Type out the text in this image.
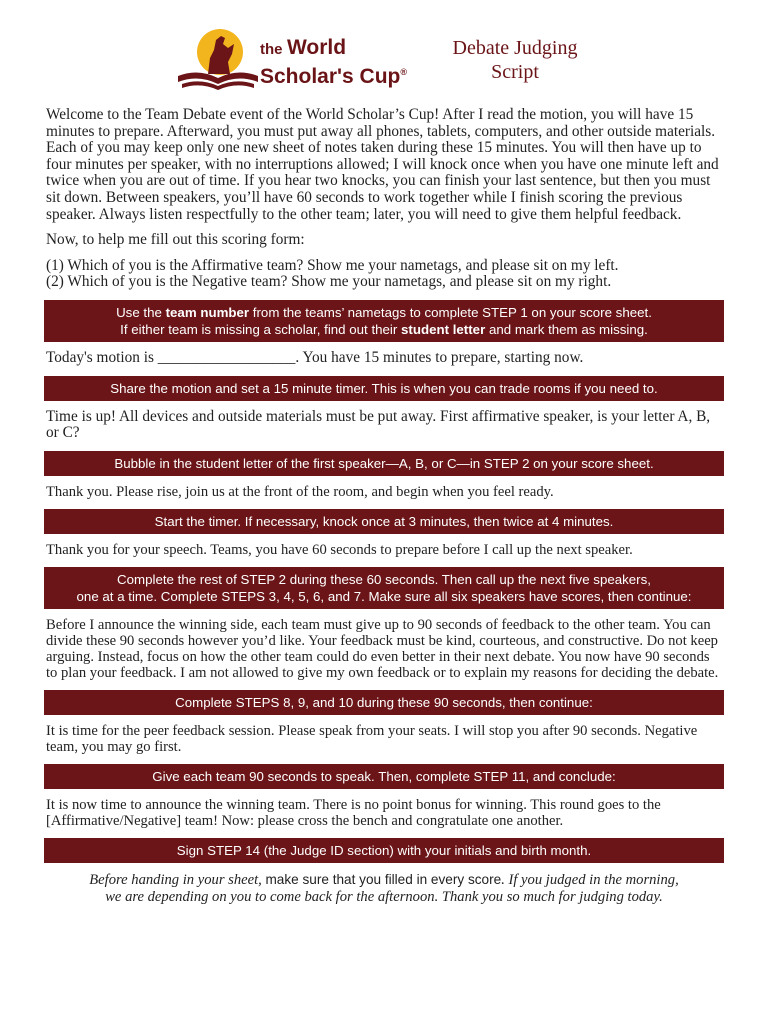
the World
Scholar's Cup®
Debate Judging
Script

Welcome to the Team Debate event of the World Scholar’s Cup! After I read the motion, you will have 15 minutes to prepare. Afterward, you must put away all phones, tablets, computers, and other outside materials. Each of you may keep only one new sheet of notes taken during these 15 minutes. You will then have up to four minutes per speaker, with no interruptions allowed; I will knock once when you have one minute left and twice when you are out of time. If you hear two knocks, you can finish your last sentence, but then you must sit down. Between speakers, you’ll have 60 seconds to work together while I finish scoring the previous speaker. Always listen respectfully to the other team; later, you will need to give them helpful feedback.

Now, to help me fill out this scoring form:

(1) Which of you is the Affirmative team? Show me your nametags, and please sit on my left.

(2) Which of you is the Negative team? Show me your nametags, and please sit on my right.

Use the team number from the teams’ nametags to complete STEP 1 on your score sheet.
If either team is missing a scholar, find out their student letter and mark them as missing.

Today's motion is __________________. You have 15 minutes to prepare, starting now.

Share the motion and set a 15 minute timer. This is when you can trade rooms if you need to.

Time is up! All devices and outside materials must be put away. First affirmative speaker, is your letter A, B, or C?

Bubble in the student letter of the first speaker—A, B, or C—in STEP 2 on your score sheet.

Thank you. Please rise, join us at the front of the room, and begin when you feel ready.

Start the timer. If necessary, knock once at 3 minutes, then twice at 4 minutes.

Thank you for your speech. Teams, you have 60 seconds to prepare before I call up the next speaker.

Complete the rest of STEP 2 during these 60 seconds. Then call up the next five speakers,
one at a time. Complete STEPS 3, 4, 5, 6, and 7. Make sure all six speakers have scores, then continue:

Before I announce the winning side, each team must give up to 90 seconds of feedback to the other team. You can divide these 90 seconds however you’d like. Your feedback must be kind, courteous, and constructive. Do not keep arguing. Instead, focus on how the other team could do even better in their next debate. You now have 90 seconds to plan your feedback. I am not allowed to give my own feedback or to explain my reasons for deciding the debate.

Complete STEPS 8, 9, and 10 during these 90 seconds, then continue:

It is time for the peer feedback session. Please speak from your seats. I will stop you after 90 seconds. Negative team, you may go first.

Give each team 90 seconds to speak. Then, complete STEP 11, and conclude:

It is now time to announce the winning team. There is no point bonus for winning. This round goes to the [Affirmative/Negative] team! Now: please cross the bench and congratulate one another.

Sign STEP 14 (the Judge ID section) with your initials and birth month.
Before handing in your sheet, make sure that you filled in every score. If you judged in the morning,
we are depending on you to come back for the afternoon. Thank you so much for judging today.
